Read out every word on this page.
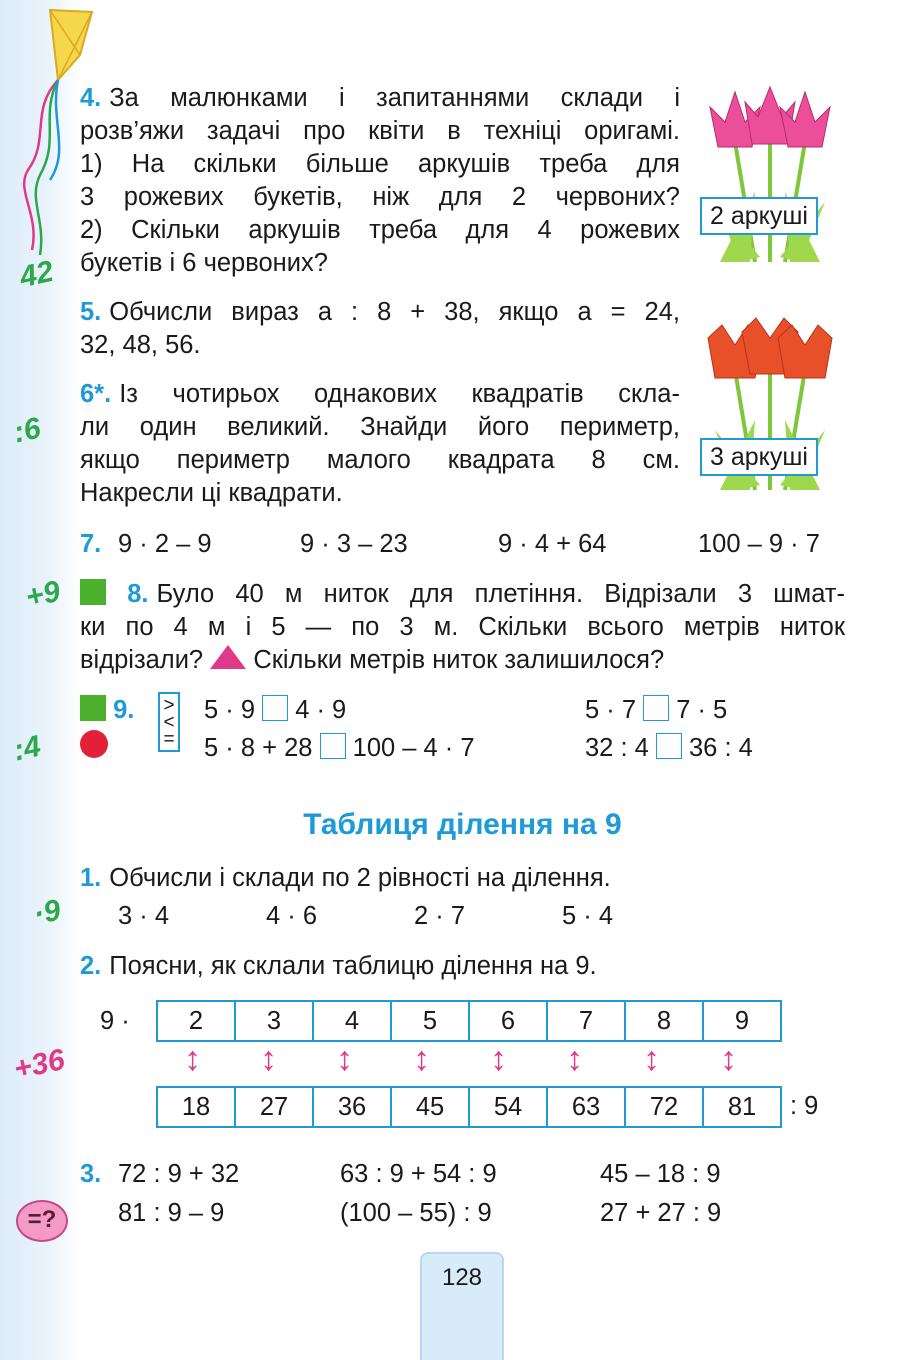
42
:6
+9
:4
·9
+36
=?
4. За малюнками і запитаннями склади і
розв’яжи задачі про квіти в техніці оригамі.
1) На скільки більше аркушів треба для
3 рожевих букетів, ніж для 2 червоних?
2) Скільки аркушів треба для 4 рожевих
букетів і 6 червоних?
2 аркуші
5. Обчисли вираз а : 8 + 38, якщо а = 24,
32, 48, 56.
3 аркуші
6*. Із чотирьох однакових квадратів скла-
ли один великий. Знайди його периметр,
якщо периметр малого квадрата 8 см.
Накресли ці квадрати.
7. 9 · 2 – 9	9 · 3 – 23	9 · 4 + 64	100 – 9 · 7
8. Було 40 м ниток для плетіння. Відрізали 3 шмат-
ки по 4 м і 5 — по 3 м. Скільки всього метрів ниток
відрізали? Скільки метрів ниток залишилося?
9.	>
<
=
5 · 9 4 · 9	5 · 7 7 · 5
5 · 8 + 28 100 – 4 · 7	32 : 4 36 : 4
Таблиця ділення на 9
1. Обчисли і склади по 2 рівності на ділення.
3 · 4	4 · 6	2 · 7	5 · 4
2. Поясни, як склали таблицю ділення на 9.
9 · 2	3	4	5	6	7	8	9
↕ ↕ ↕ ↕ ↕ ↕ ↕ ↕
18	27	36	45	54	63	72	81 : 9
3. 72 : 9 + 32	63 : 9 + 54 : 9	45 – 18 : 9
81 : 9 – 9	(100 – 55) : 9	27 + 27 : 9
128
